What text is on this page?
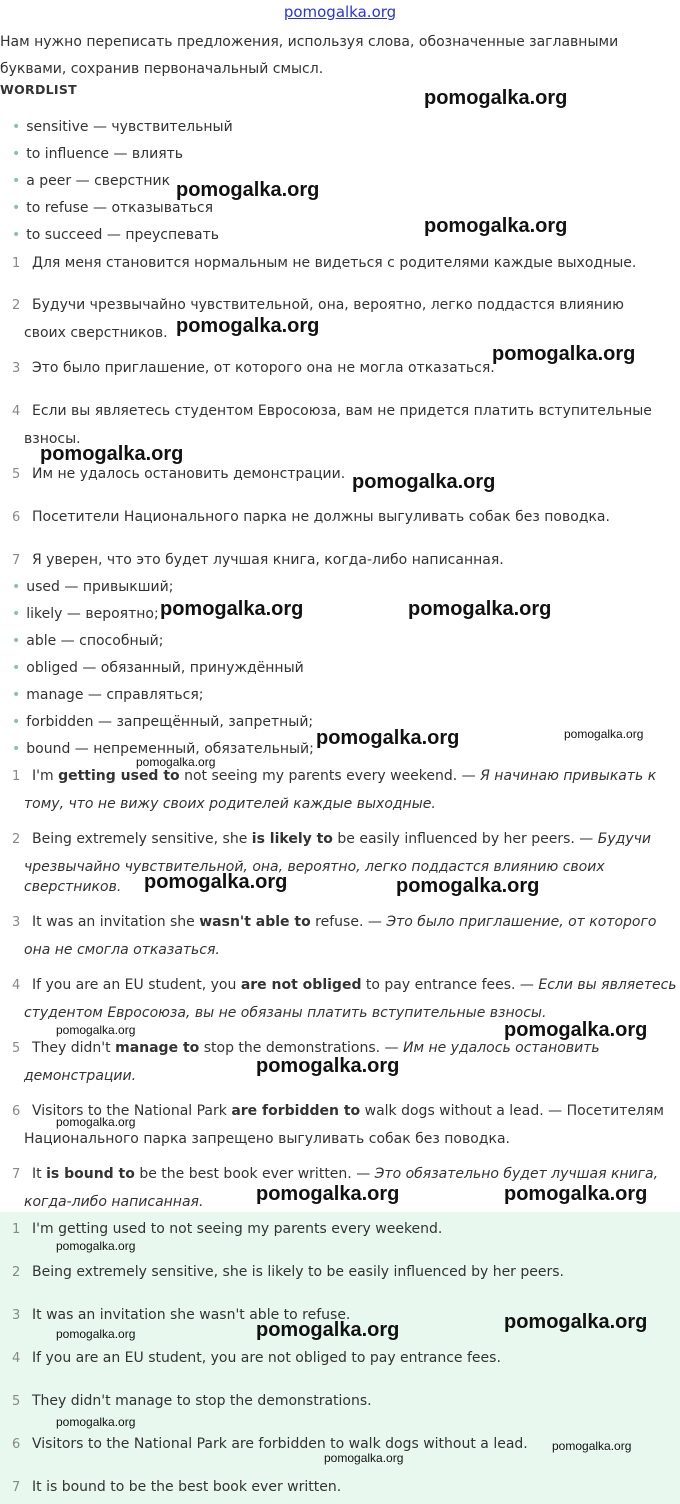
pomogalka.org
Нам нужно переписать предложения, используя слова, обозначенные заглавными буквами, сохранив первоначальный смысл.
WORDLIST
• sensitive — чувствительный
• to influence — влиять
• a peer — сверстник
• to refuse — отказываться
• to succeed — преуспевать
1 Для меня становится нормальным не видеться с родителями каждые выходные.
2 Будучи чрезвычайно чувствительной, она, вероятно, легко поддастся влиянию
своих сверстников.
3 Это было приглашение, от которого она не могла отказаться.
4 Если вы являетесь студентом Евросоюза, вам не придется платить вступительные
взносы.
5 Им не удалось остановить демонстрации.
6 Посетители Национального парка не должны выгуливать собак без поводка.
7 Я уверен, что это будет лучшая книга, когда-либо написанная.
• used — привыкший;
• likely — вероятно;
• able — способный;
• obliged — обязанный, принуждённый
• manage — справляться;
• forbidden — запрещённый, запретный;
• bound — непременный, обязательный;
1 I'm getting used to not seeing my parents every weekend. — Я начинаю привыкать к
тому, что не вижу своих родителей каждые выходные.
2 Being extremely sensitive, she is likely to be easily influenced by her peers. — Будучи
чрезвычайно чувствительной, она, вероятно, легко поддастся влиянию своих
сверстников.
3 It was an invitation she wasn't able to refuse. — Это было приглашение, от которого
она не смогла отказаться.
4 If you are an EU student, you are not obliged to pay entrance fees. — Если вы являетесь
студентом Евросоюза, вы не обязаны платить вступительные взносы.
5 They didn't manage to stop the demonstrations. — Им не удалось остановить
демонстрации.
6 Visitors to the National Park are forbidden to walk dogs without a lead. — Посетителям
Национального парка запрещено выгуливать собак без поводка.
7 It is bound to be the best book ever written. — Это обязательно будет лучшая книга,
когда-либо написанная.
1 I'm getting used to not seeing my parents every weekend.
2 Being extremely sensitive, she is likely to be easily influenced by her peers.
3 It was an invitation she wasn't able to refuse.
4 If you are an EU student, you are not obliged to pay entrance fees.
5 They didn't manage to stop the demonstrations.
6 Visitors to the National Park are forbidden to walk dogs without a lead.
7 It is bound to be the best book ever written.
pomogalka.org
pomogalka.org
pomogalka.org
pomogalka.org
pomogalka.org
pomogalka.org
pomogalka.org
pomogalka.org	pomogalka.org
pomogalka.org
pomogalka.org	pomogalka.org
pomogalka.org
pomogalka.org
pomogalka.org	pomogalka.org
pomogalka.org	pomogalka.org
pomogalka.org
pomogalka.org
pomogalka.org
pomogalka.org
pomogalka.org
pomogalka.org
pomogalka.org
pomogalka.org
pomogalka.org
